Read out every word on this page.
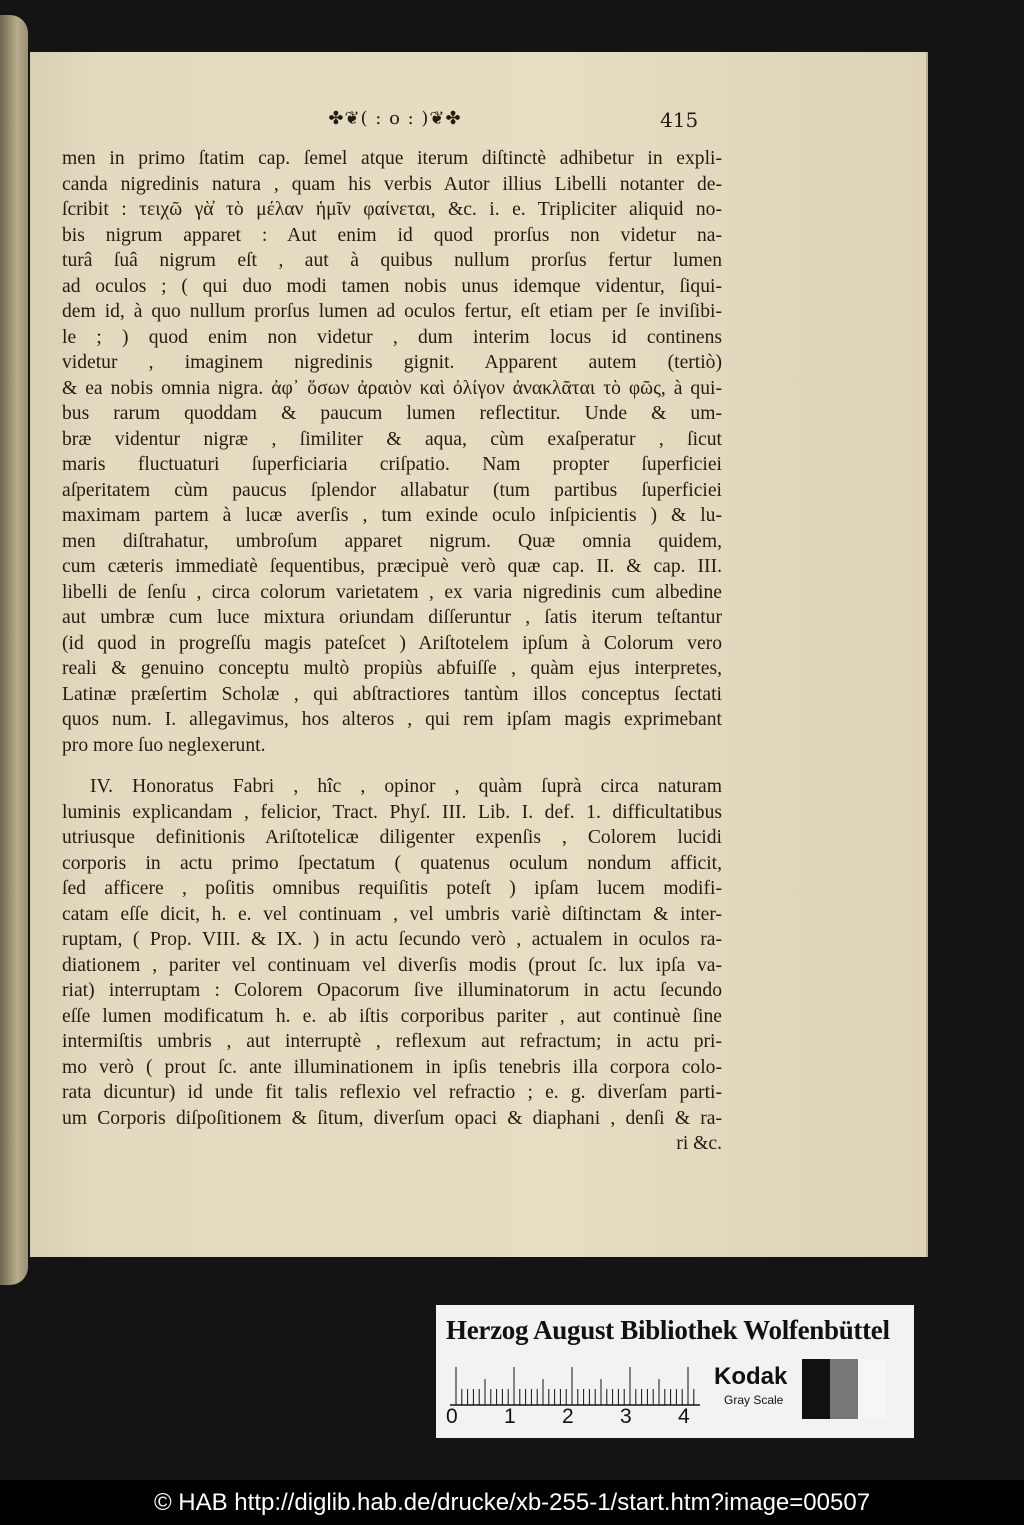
✤❦( : o : )❦✤	415
men in primo ſtatim cap. ſemel atque iterum diſtinctè adhibetur in expli-
canda nigredinis natura , quam his verbis Autor illius Libelli notanter de-
ſcribit : τειχῶ γὰ̓ τὸ μέλαν ἡμῖν φαίνεται, &c. i. e. Tripliciter aliquid no-
bis nigrum apparet : Aut enim id quod prorſus non videtur na-
turâ ſuâ nigrum eſt , aut à quibus nullum prorſus fertur lumen
ad oculos ; ( qui duo modi tamen nobis unus idemque videntur, ſiqui-
dem id, à quo nullum prorſus lumen ad oculos fertur, eſt etiam per ſe inviſibi-
le ; ) quod enim non videtur , dum interim locus id continens
videtur , imaginem nigredinis gignit. Apparent autem (tertiò)
& ea nobis omnia nigra. ἀφ᾽ ὅσων ἀραιὸν καὶ ὀλίγον ἀνακλᾶται τὸ φῶς, à qui-
bus rarum quoddam & paucum lumen reflectitur. Unde & um-
bræ videntur nigræ , ſimiliter & aqua, cùm exaſperatur , ſicut
maris fluctuaturi ſuperficiaria criſpatio. Nam propter ſuperficiei
aſperitatem cùm paucus ſplendor allabatur (tum partibus ſuperficiei
maximam partem à lucæ averſis , tum exinde oculo inſpicientis ) & lu-
men diſtrahatur, umbroſum apparet nigrum. Quæ omnia quidem,
cum cæteris immediatè ſequentibus, præcipuè verò quæ cap. II. & cap. III.
libelli de ſenſu , circa colorum varietatem , ex varia nigredinis cum albedine
aut umbræ cum luce mixtura oriundam diſſeruntur , ſatis iterum teſtantur
(id quod in progreſſu magis pateſcet ) Ariſtotelem ipſum à Colorum vero
reali & genuino conceptu multò propiùs abfuiſſe , quàm ejus interpretes,
Latinæ præſertim Scholæ , qui abſtractiores tantùm illos conceptus ſectati
quos num. I. allegavimus, hos alteros , qui rem ipſam magis exprimebant
pro more ſuo neglexerunt.
IV. Honoratus Fabri , hîc , opinor , quàm ſuprà circa naturam
luminis explicandam , felicior, Tract. Phyſ. III. Lib. I. def. 1. difficultatibus
utriusque definitionis Ariſtotelicæ diligenter expenſis , Colorem lucidi
corporis in actu primo ſpectatum ( quatenus oculum nondum afficit,
ſed afficere , poſitis omnibus requiſitis poteſt ) ipſam lucem modifi-
catam eſſe dicit, h. e. vel continuam , vel umbris variè diſtinctam & inter-
ruptam, ( Prop. VIII. & IX. ) in actu ſecundo verò , actualem in oculos ra-
diationem , pariter vel continuam vel diverſis modis (prout ſc. lux ipſa va-
riat) interruptam : Colorem Opacorum ſive illuminatorum in actu ſecundo
eſſe lumen modificatum h. e. ab iſtis corporibus pariter , aut continuè ſine
intermiſtis umbris , aut interruptè , reflexum aut refractum; in actu pri-
mo verò ( prout ſc. ante illuminationem in ipſis tenebris illa corpora colo-
rata dicuntur) id unde fit talis reflexio vel refractio ; e. g. diverſam parti-
um Corporis diſpoſitionem & ſitum, diverſum opaci & diaphani , denſi & ra-
ri &c.
Herzog August Bibliothek Wolfenbüttel
0 1 2 3 4
Kodak
Gray Scale
© HAB http://diglib.hab.de/drucke/xb-255-1/start.htm?image=00507
